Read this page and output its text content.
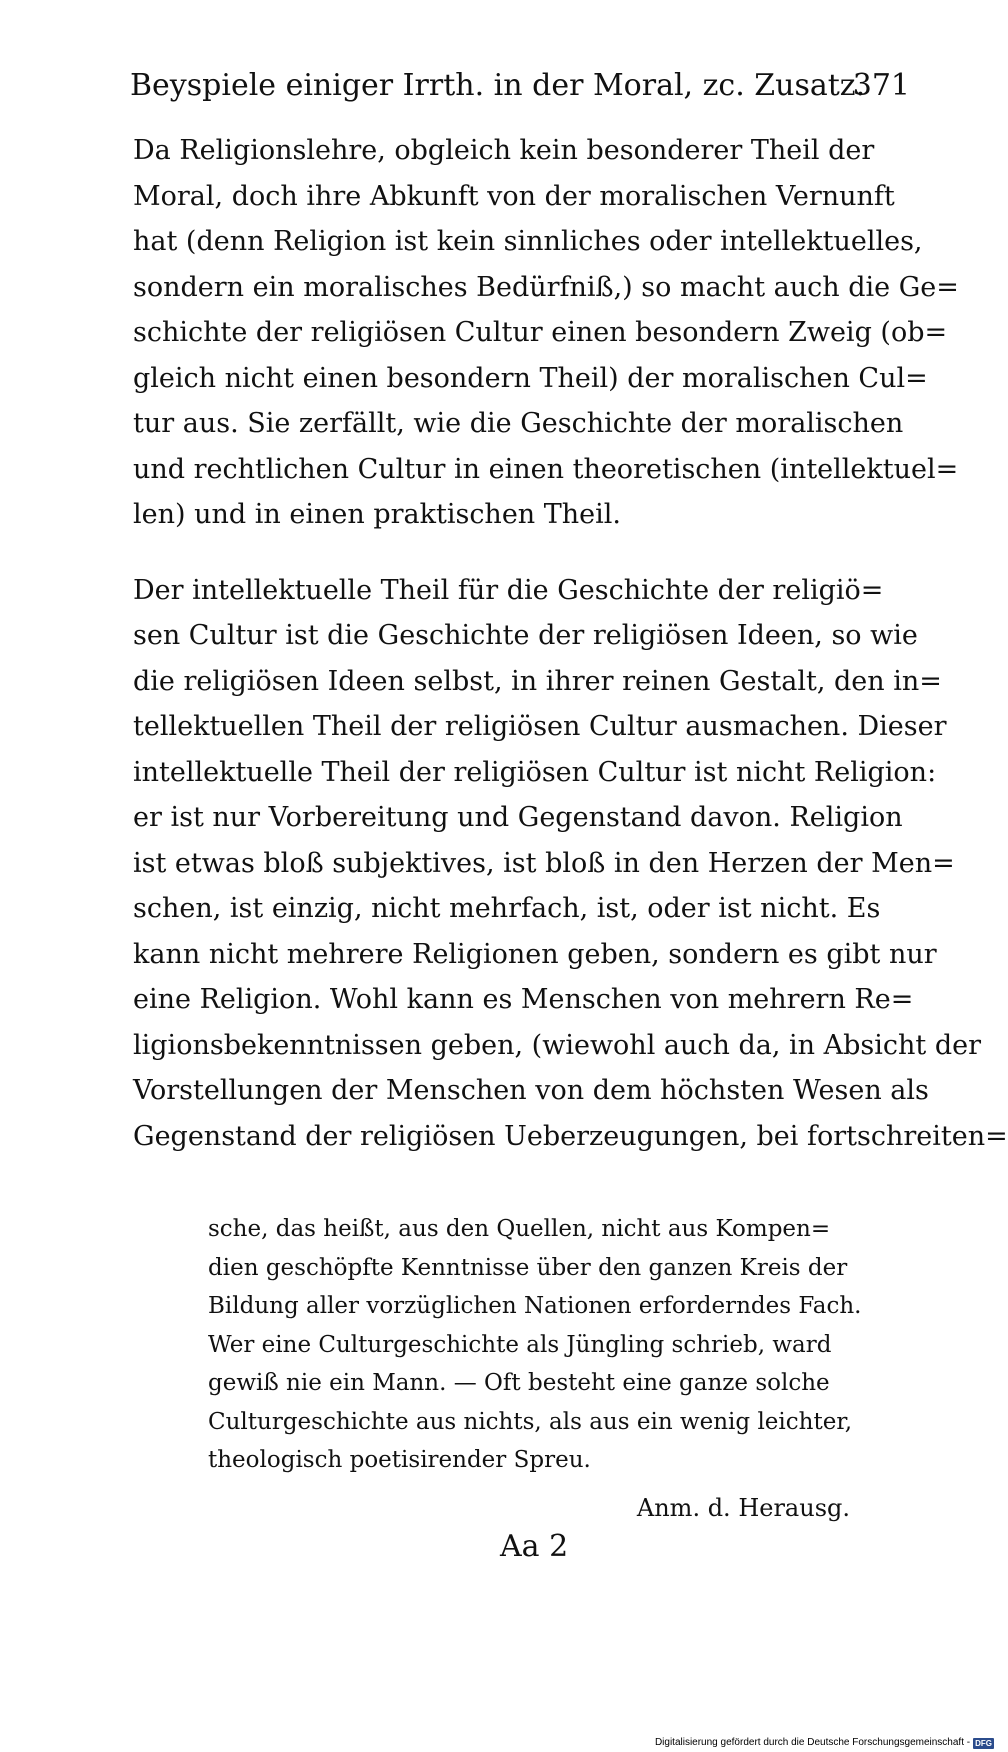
Beyspiele einiger Irrth. in der Moral, zc. Zusatz.
371
Da Religionslehre, obgleich kein besonderer Theil der
Moral, doch ihre Abkunft von der moralischen Vernunft
hat (denn Religion ist kein sinnliches oder intellektuelles,
sondern ein moralisches Bedürfniß,) so macht auch die Ge=
schichte der religiösen Cultur einen besondern Zweig (ob=
gleich nicht einen besondern Theil) der moralischen Cul=
tur aus. Sie zerfällt, wie die Geschichte der moralischen
und rechtlichen Cultur in einen theoretischen (intellektuel=
len) und in einen praktischen Theil.
Der intellektuelle Theil für die Geschichte der religiö=
sen Cultur ist die Geschichte der religiösen Ideen, so wie
die religiösen Ideen selbst, in ihrer reinen Gestalt, den in=
tellektuellen Theil der religiösen Cultur ausmachen. Dieser
intellektuelle Theil der religiösen Cultur ist nicht Religion:
er ist nur Vorbereitung und Gegenstand davon. Religion
ist etwas bloß subjektives, ist bloß in den Herzen der Men=
schen, ist einzig, nicht mehrfach, ist, oder ist nicht. Es
kann nicht mehrere Religionen geben, sondern es gibt nur
eine Religion. Wohl kann es Menschen von mehrern Re=
ligionsbekenntnissen geben, (wiewohl auch da, in Absicht der
Vorstellungen der Menschen von dem höchsten Wesen als
Gegenstand der religiösen Ueberzeugungen, bei fortschreiten=
sche, das heißt, aus den Quellen, nicht aus Kompen=
dien geschöpfte Kenntnisse über den ganzen Kreis der
Bildung aller vorzüglichen Nationen erforderndes Fach.
Wer eine Culturgeschichte als Jüngling schrieb, ward
gewiß nie ein Mann. — Oft besteht eine ganze solche
Culturgeschichte aus nichts, als aus ein wenig leichter,
theologisch poetisirender Spreu.
Anm. d. Herausg.
Aa 2
Digitalisierung gefördert durch die Deutsche Forschungsgemeinschaft - DFG
